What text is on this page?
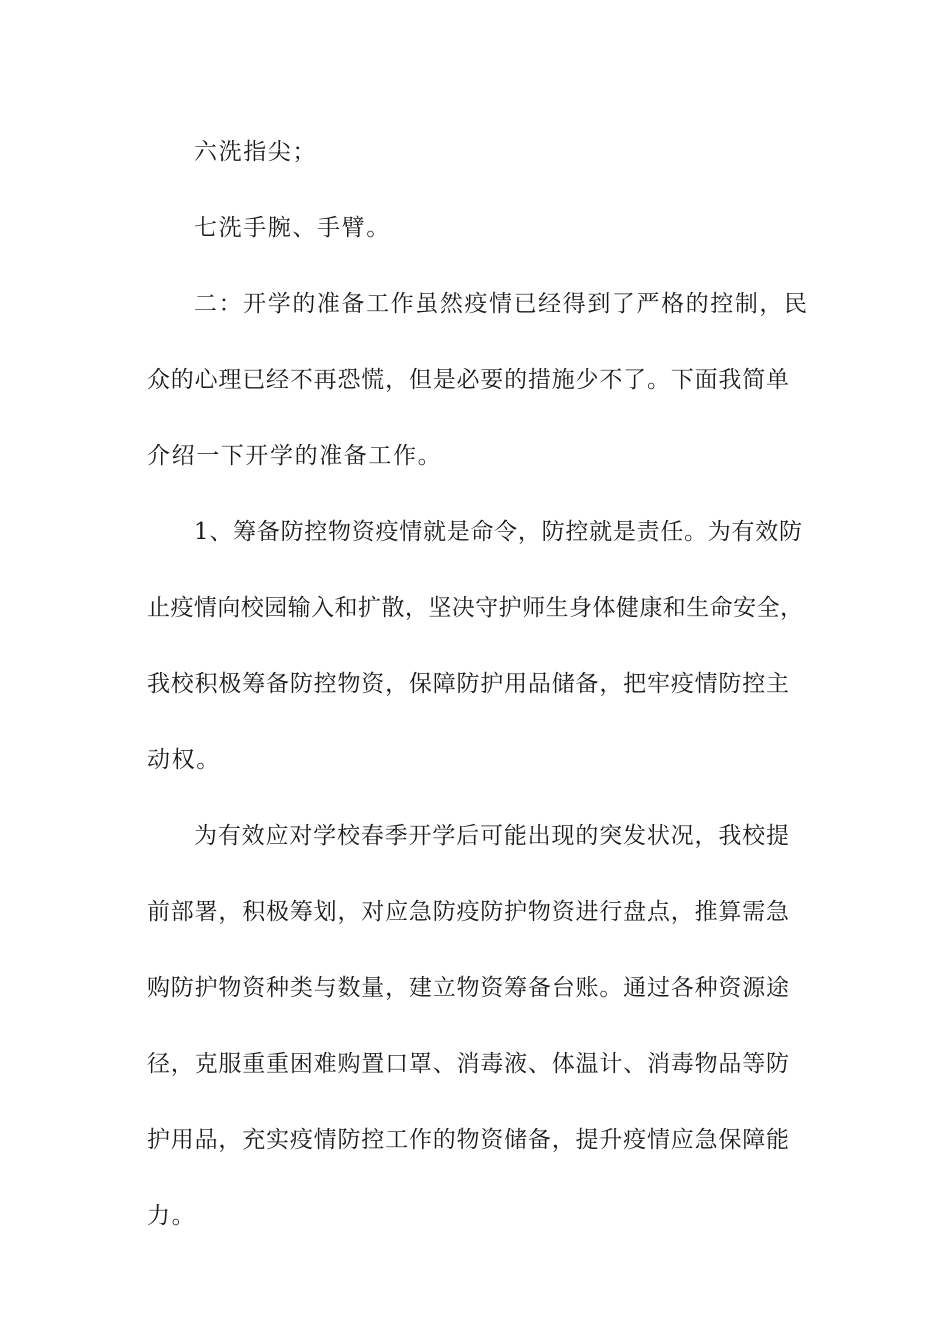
六洗指尖；
七洗手腕、手臂。
二：开学的准备工作虽然疫情已经得到了严格的控制，民
众的心理已经不再恐慌，但是必要的措施少不了。下面我简单
介绍一下开学的准备工作。
1、筹备防控物资疫情就是命令，防控就是责任。为有效防
止疫情向校园输入和扩散，坚决守护师生身体健康和生命安全，
我校积极筹备防控物资，保障防护用品储备，把牢疫情防控主
动权。
为有效应对学校春季开学后可能出现的突发状况，我校提
前部署，积极筹划，对应急防疫防护物资进行盘点，推算需急
购防护物资种类与数量，建立物资筹备台账。通过各种资源途
径，克服重重困难购置口罩、消毒液、体温计、消毒物品等防
护用品，充实疫情防控工作的物资储备，提升疫情应急保障能
力。
